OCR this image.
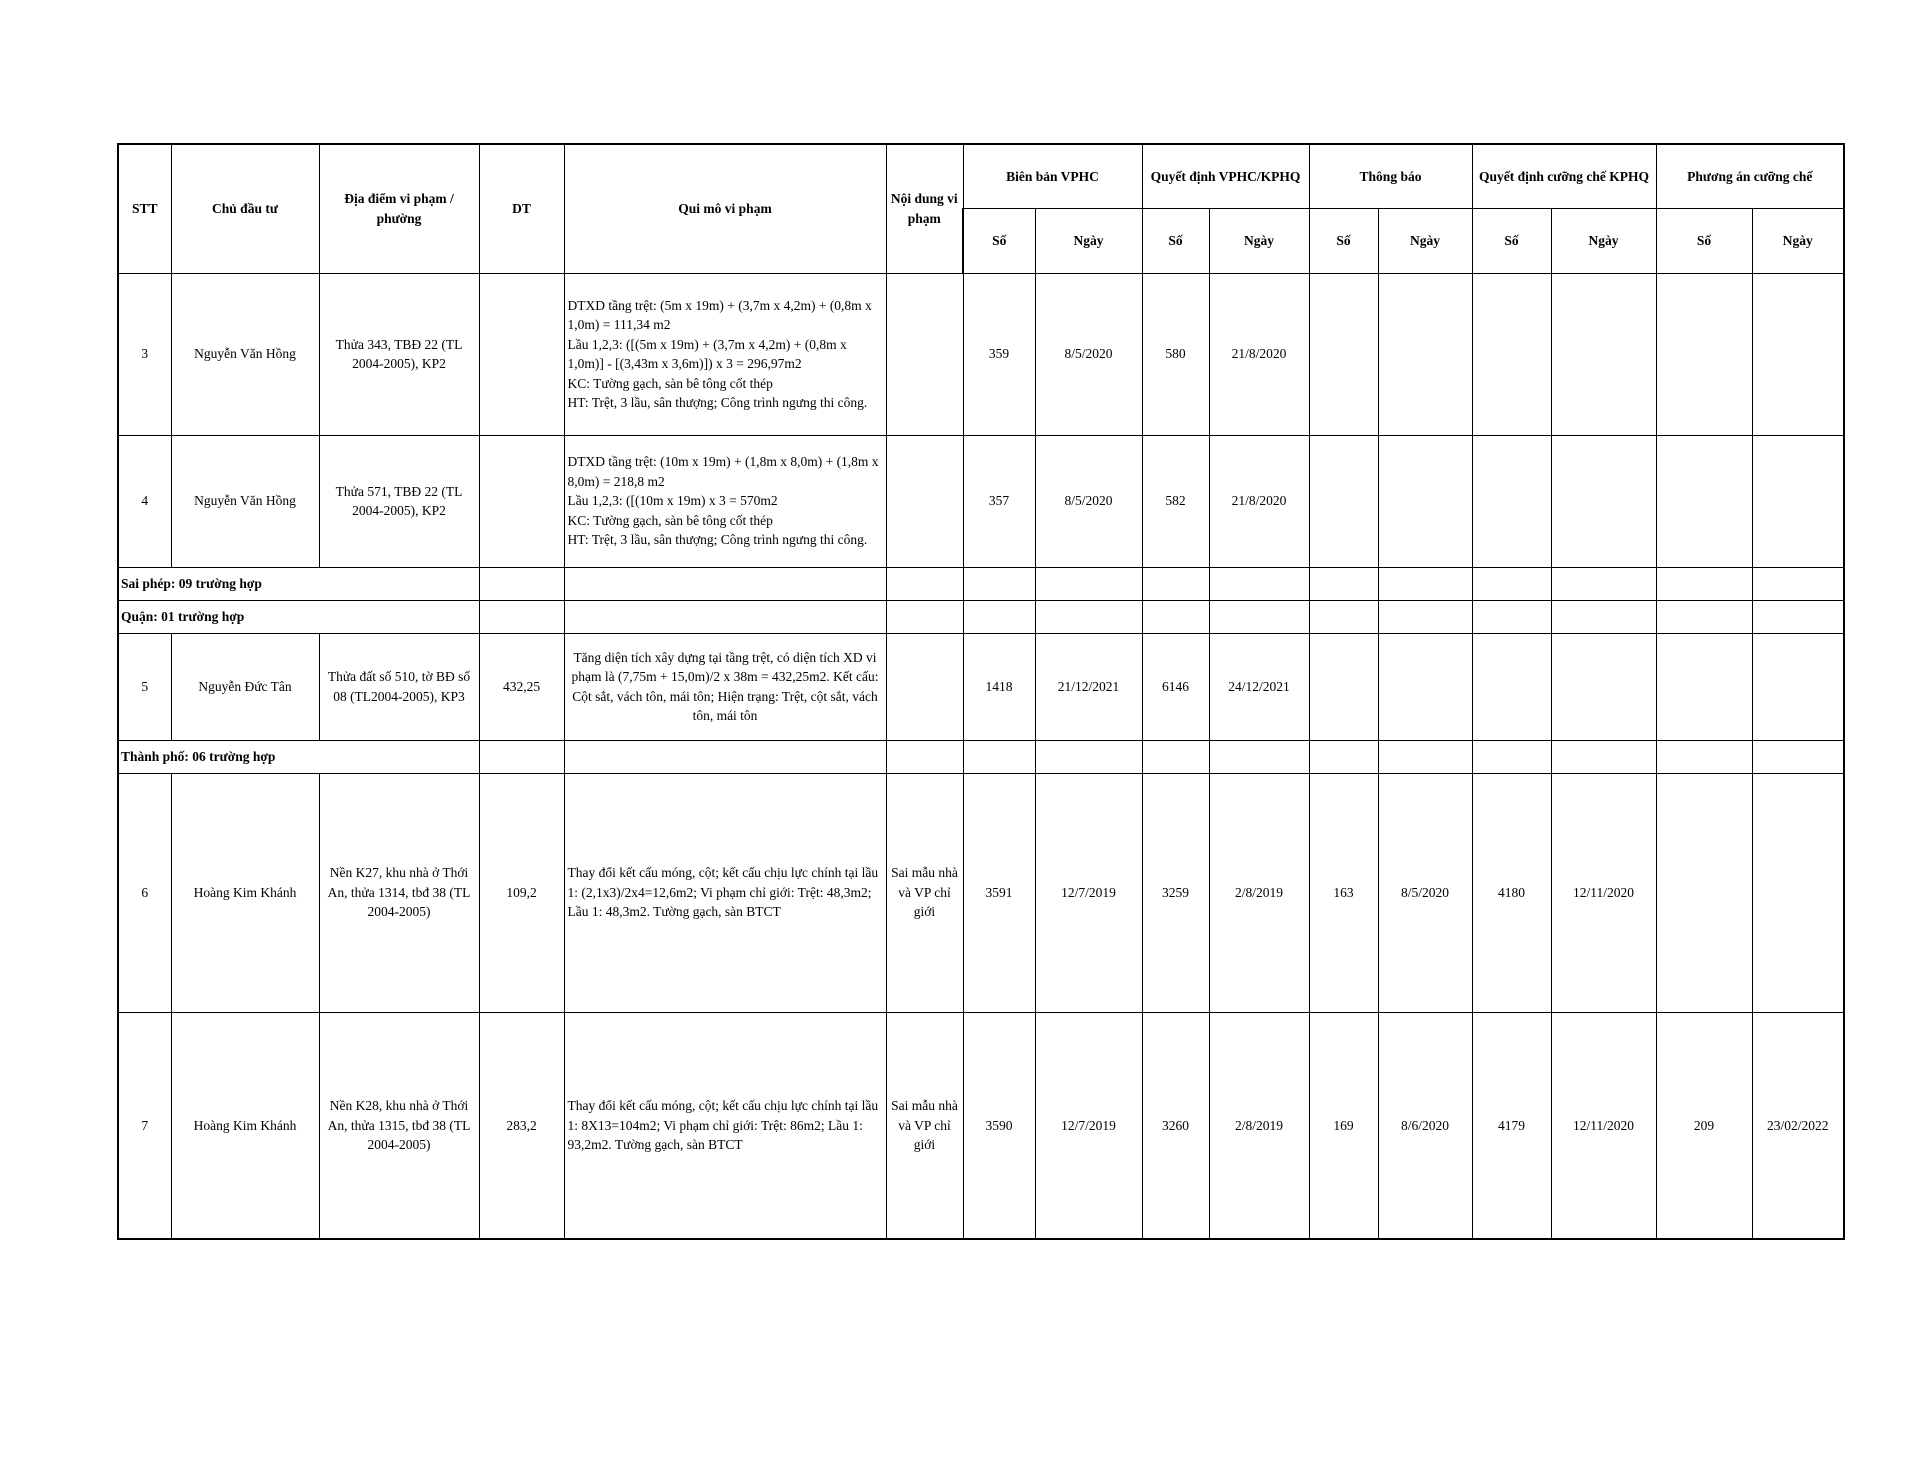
STT	Chủ đầu tư	Địa điểm vi phạm / phường	DT	Qui mô vi phạm	Nội dung vi phạm	Biên bản VPHC		Quyết định VPHC/KPHQ		Thông báo		Quyết định cưỡng chế KPHQ		Phương án cưỡng chế	
						Số	Ngày	Số	Ngày	Số	Ngày	Số	Ngày	Số	Ngày
3	Nguyễn Văn Hồng	Thửa 343, TBĐ 22 (TL 2004-2005), KP2		DTXD tầng trệt: (5m x 19m) + (3,7m x 4,2m) + (0,8m x 1,0m) = 111,34 m2
Lầu 1,2,3: ([(5m x 19m) + (3,7m x 4,2m) + (0,8m x 1,0m)] - [(3,43m x 3,6m)]) x 3 = 296,97m2
KC: Tường gạch, sàn bê tông cốt thép
HT: Trệt, 3 lầu, sân thượng; Công trình ngưng thi công.		359	8/5/2020	580	21/8/2020						
4	Nguyễn Văn Hồng	Thửa 571, TBĐ 22 (TL 2004-2005), KP2		DTXD tầng trệt: (10m x 19m) + (1,8m x 8,0m) + (1,8m x 8,0m) = 218,8 m2
Lầu 1,2,3: ([(10m x 19m) x 3 = 570m2
KC: Tường gạch, sàn bê tông cốt thép
HT: Trệt, 3 lầu, sân thượng; Công trình ngưng thi công.		357	8/5/2020	582	21/8/2020						
Sai phép: 09 trường hợp															
Quận: 01 trường hợp															
5	Nguyễn Đức Tân	Thửa đất số 510, tờ BĐ số 08 (TL2004-2005), KP3	432,25	Tăng diện tích xây dựng tại tầng trệt, có diện tích XD vi phạm là (7,75m + 15,0m)/2 x 38m = 432,25m2. Kết cấu: Cột sắt, vách tôn, mái tôn; Hiện trạng: Trệt, cột sắt, vách tôn, mái tôn		1418	21/12/2021	6146	24/12/2021						
Thành phố: 06 trường hợp															
6	Hoàng Kim Khánh	Nền K27, khu nhà ở Thới An, thửa 1314, tbđ 38 (TL 2004-2005)	109,2	Thay đổi kết cấu móng, cột; kết cấu chịu lực chính tại lầu 1: (2,1x3)/2x4=12,6m2; Vi phạm chỉ giới: Trệt: 48,3m2; Lầu 1: 48,3m2. Tường gạch, sàn BTCT	Sai mẫu nhà và VP chỉ giới	3591	12/7/2019	3259	2/8/2019	163	8/5/2020	4180	12/11/2020		
7	Hoàng Kim Khánh	Nền K28, khu nhà ở Thới An, thửa 1315, tbđ 38 (TL 2004-2005)	283,2	Thay đổi kết cấu móng, cột; kết cấu chịu lực chính tại lầu 1: 8X13=104m2; Vi phạm chỉ giới: Trệt: 86m2; Lầu 1: 93,2m2. Tường gạch, sàn BTCT	Sai mẫu nhà và VP chỉ giới	3590	12/7/2019	3260	2/8/2019	169	8/6/2020	4179	12/11/2020	209	23/02/2022
